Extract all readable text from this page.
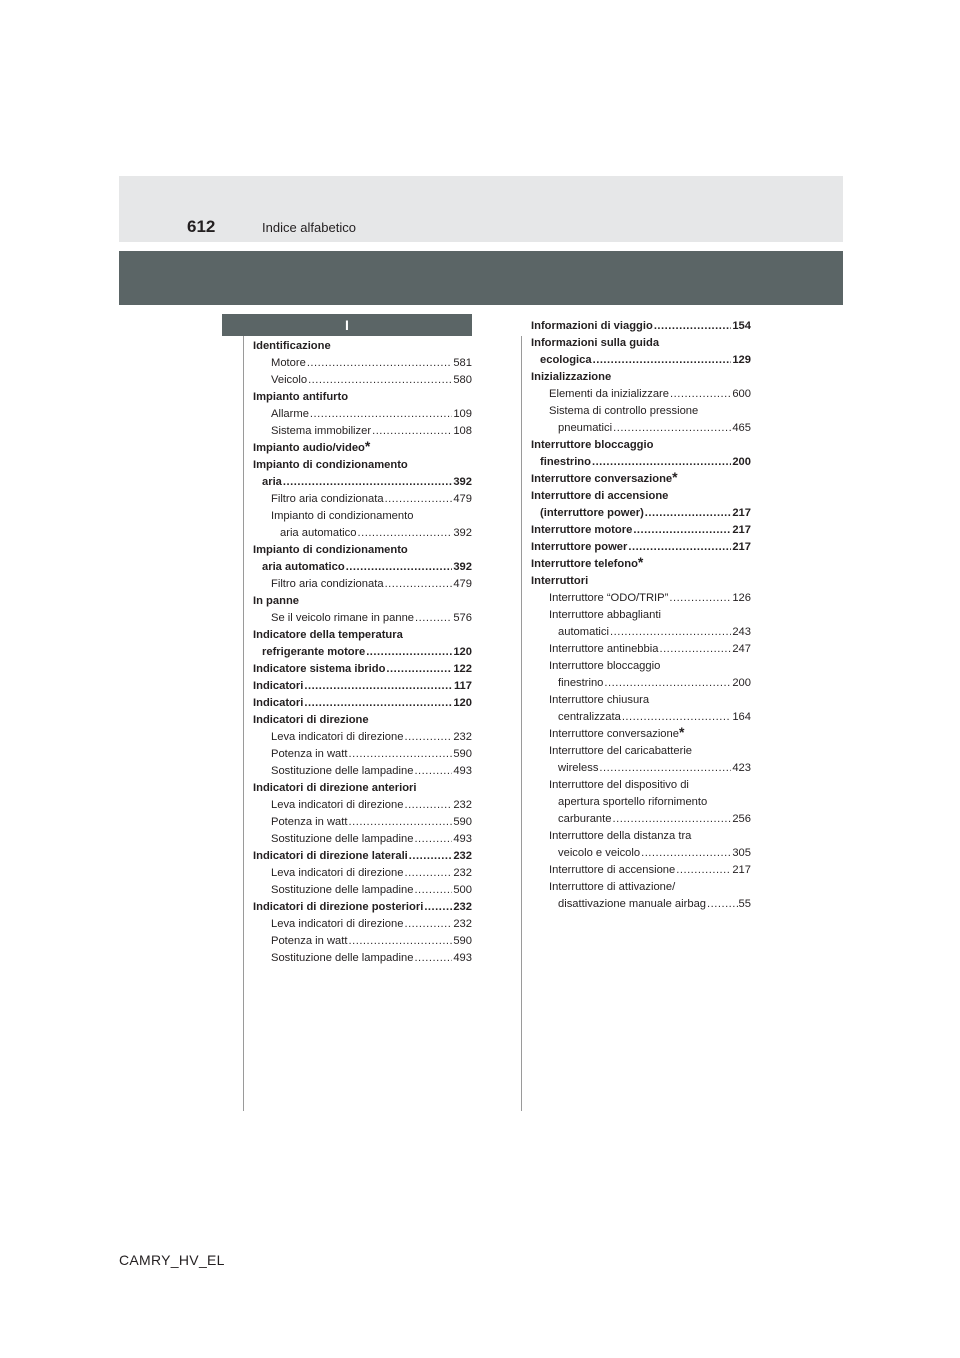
612	Indice alfabetico
I
Identificazione
Motore .....	581
Veicolo .....	580
Impianto antifurto
Allarme .....	109
Sistema immobilizer .....	108
Impianto audio/video *
Impianto di condizionamento
aria .....	392
Filtro aria condizionata .....	479
Impianto di condizionamento
aria automatico .....	392
Impianto di condizionamento
aria automatico .....	392
Filtro aria condizionata .....	479
In panne
Se il veicolo rimane in panne .....	576
Indicatore della temperatura
refrigerante motore .....	120
Indicatore sistema ibrido .....	122
Indicatori .....	117
Indicatori .....	120
Indicatori di direzione
Leva indicatori di direzione .....	232
Potenza in watt .....	590
Sostituzione delle lampadine .....	493
Indicatori di direzione anteriori
Leva indicatori di direzione .....	232
Potenza in watt .....	590
Sostituzione delle lampadine .....	493
Indicatori di direzione laterali .....	232
Leva indicatori di direzione .....	232
Sostituzione delle lampadine .....	500
Indicatori di direzione posteriori .....	232
Leva indicatori di direzione .....	232
Potenza in watt .....	590
Sostituzione delle lampadine .....	493
Informazioni di viaggio .....	154
Informazioni sulla guida
ecologica .....	129
Inizializzazione
Elementi da inizializzare .....	600
Sistema di controllo pressione
pneumatici .....	465
Interruttore bloccaggio
finestrino .....	200
Interruttore conversazione *
Interruttore di accensione
(interruttore power) .....	217
Interruttore motore .....	217
Interruttore power .....	217
Interruttore telefono *
Interruttori
Interruttore “ODO/TRIP” .....	126
Interruttore abbaglianti
automatici .....	243
Interruttore antinebbia .....	247
Interruttore bloccaggio
finestrino .....	200
Interruttore chiusura
centralizzata .....	164
Interruttore conversazione *
Interruttore del caricabatterie
wireless .....	423
Interruttore del dispositivo di
apertura sportello rifornimento
carburante .....	256
Interruttore della distanza tra
veicolo e veicolo .....	305
Interruttore di accensione .....	217
Interruttore di attivazione/
disattivazione manuale airbag .....	55
CAMRY_HV_EL
